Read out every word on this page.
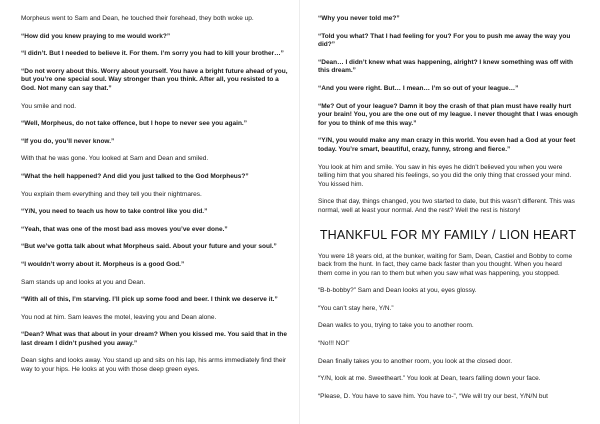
Morpheus went to Sam and Dean, he touched their forehead, they both woke up.

“How did you knew praying to me would work?”

“I didn’t. But I needed to believe it. For them. I’m sorry you had to kill your brother…”

“Do not worry about this. Worry about yourself. You have a bright future ahead of you, but you’re one special soul. Way stronger than you think. After all, you resisted to a God. Not many can say that.”

You smile and nod.

“Well, Morpheus, do not take offence, but I hope to never see you again.”

“If you do, you’ll never know.”

With that he was gone. You looked at Sam and Dean and smiled.

“What the hell happened? And did you just talked to the God Morpheus?”

You explain them everything and they tell you their nightmares.

“Y/N, you need to teach us how to take control like you did.”

“Yeah, that was one of the most bad ass moves you’ve ever done.”

“But we’ve gotta talk about what Morpheus said. About your future and your soul.”

“I wouldn’t worry about it. Morpheus is a good God.”

Sam stands up and looks at you and Dean.

“With all of this, I’m starving. I’ll pick up some food and beer. I think we deserve it.”

You nod at him. Sam leaves the motel, leaving you and Dean alone.

“Dean? What was that about in your dream? When you kissed me. You said that in the last dream I didn’t pushed you away.”

Dean sighs and looks away. You stand up and sits on his lap, his arms immediately find their way to your hips. He looks at you with those deep green eyes.

“Why you never told me?”

“Told you what? That I had feeling for you? For you to push me away the way you did?”

“Dean… I didn’t knew what was happening, alright? I knew something was off with this dream.”

“And you were right. But… I mean… I’m so out of your league…”

“Me? Out of your league? Damn it boy the crash of that plan must have really hurt your brain! You, you are the one out of my league. I never thought that I was enough for you to think of me this way.”

“Y/N, you would make any man crazy in this world. You even had a God at your feet today. You’re smart, beautiful, crazy, funny, strong and fierce.”

You look at him and smile. You saw in his eyes he didn’t believed you when you were telling him that you shared his feelings, so you did the only thing that crossed your mind. You kissed him.

Since that day, things changed, you two started to date, but this wasn’t different. This was normal, well at least your normal. And the rest? Well the rest is history!

THANKFUL FOR MY FAMILY / LION HEART

You were 18 years old, at the bunker, waiting for Sam, Dean, Castiel and Bobby to come back from the hunt. In fact, they came back faster than you thought. When you heard them come in you ran to them but when you saw what was happening, you stopped.

“B-b-bobby?” Sam and Dean looks at you, eyes glossy.

“You can’t stay here, Y/N.”

Dean walks to you, trying to take you to another room.

“No!!! NO!”

Dean finally takes you to another room, you look at the closed door.

“Y/N, look at me. Sweetheart.” You look at Dean, tears falling down your face.

“Please, D. You have to save him. You have to-”, “We will try our best, Y/N/N but
